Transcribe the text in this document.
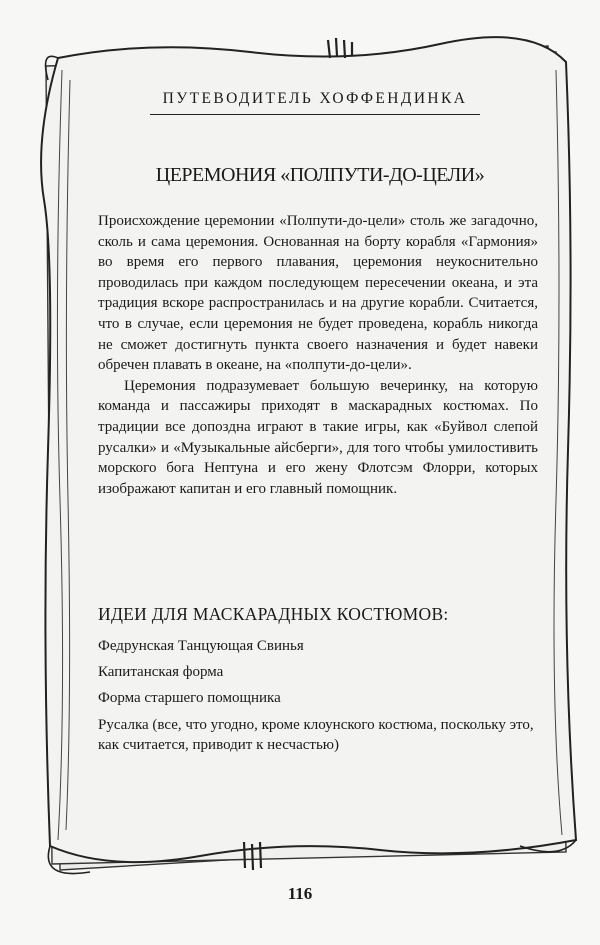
ПУТЕВОДИТЕЛЬ ХОФФЕНДИНКА
ЦЕРЕМОНИЯ «ПОЛПУТИ-ДО-ЦЕЛИ»

Происхождение церемонии «Полпути-до-цели» столь же загадочно, сколь и сама церемония. Основанная на борту корабля «Гармония» во время его первого плавания, церемония неукоснительно проводилась при каждом последующем пересечении океана, и эта традиция вскоре распространилась и на другие корабли. Считается, что в случае, если церемония не будет проведена, корабль никогда не сможет достигнуть пункта своего назначения и будет навеки обречен плавать в океане, на «полпути-до-цели».

Церемония подразумевает большую вечеринку, на которую команда и пассажиры приходят в маскарадных костюмах. По традиции все допоздна играют в такие игры, как «Буйвол слепой русалки» и «Музыкальные айсберги», для того чтобы умилостивить морского бога Нептуна и его жену Флотсэм Флорри, которых изображают капитан и его главный помощник.

ИДЕИ ДЛЯ МАСКАРАДНЫХ КОСТЮМОВ:
Федрунская Танцующая Свинья
Капитанская форма
Форма старшего помощника
Русалка (все, что угодно, кроме клоунского костюма, поскольку это, как считается, приводит к несчастью)
116
